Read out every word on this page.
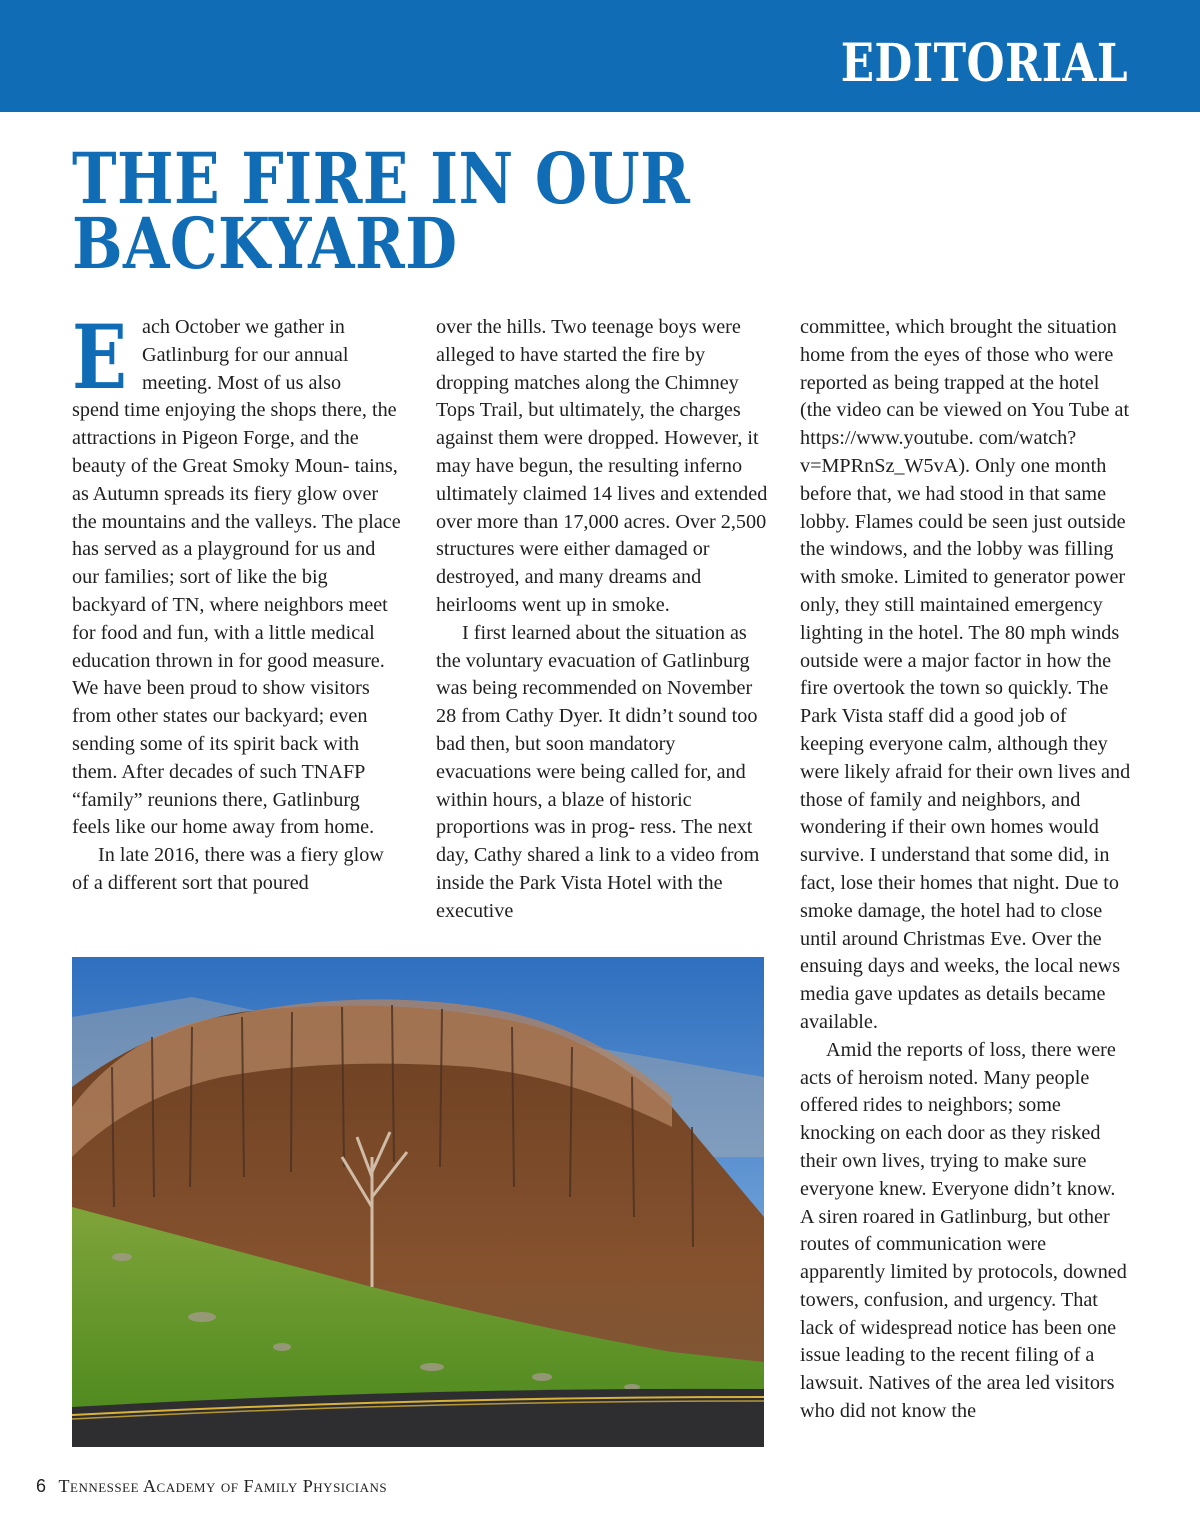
EDITORIAL
THE FIRE IN OUR
BACKYARD

E ach October we gather in
Gatlinburg for our annual
meeting. Most of us also
spend time enjoying the shops there, the attractions in Pigeon Forge, and the beauty of the Great Smoky Moun- tains, as Autumn spreads its fiery glow over the mountains and the valleys. The place has served as a playground for us and our families; sort of like the big backyard of TN, where neighbors meet for food and fun, with a little medical education thrown in for good measure. We have been proud to show visitors from other states our backyard; even sending some of its spirit back with them. After decades of such TNAFP “family” reunions there, Gatlinburg feels like our home away from home.

In late 2016, there was a fiery glow of a different sort that poured

over the hills. Two teenage boys were alleged to have started the fire by dropping matches along the Chimney Tops Trail, but ultimately, the charges against them were dropped. However, it may have begun, the resulting inferno ultimately claimed 14 lives and extended over more than 17,000 acres. Over 2,500 structures were either damaged or destroyed, and many dreams and heirlooms went up in smoke.

I first learned about the situation as the voluntary evacuation of Gatlinburg was being recommended on November 28 from Cathy Dyer. It didn’t sound too bad then, but soon mandatory evacuations were being called for, and within hours, a blaze of historic proportions was in prog- ress. The next day, Cathy shared a link to a video from inside the Park Vista Hotel with the executive

committee, which brought the situation home from the eyes of those who were reported as being trapped at the hotel (the video can be viewed on You Tube at https://www.youtube. com/watch?v=MPRnSz_W5vA). Only one month before that, we had stood in that same lobby. Flames could be seen just outside the windows, and the lobby was filling with smoke. Limited to generator power only, they still maintained emergency lighting in the hotel. The 80 mph winds outside were a major factor in how the fire overtook the town so quickly. The Park Vista staff did a good job of keeping everyone calm, although they were likely afraid for their own lives and those of family and neighbors, and wondering if their own homes would survive. I understand that some did, in fact, lose their homes that night. Due to smoke damage, the hotel had to close until around Christmas Eve. Over the ensuing days and weeks, the local news media gave updates as details became available.

Amid the reports of loss, there were acts of heroism noted. Many people offered rides to neighbors; some knocking on each door as they risked their own lives, trying to make sure everyone knew. Everyone didn’t know. A siren roared in Gatlinburg, but other routes of communication were apparently limited by protocols, downed towers, confusion, and urgency. That lack of widespread notice has been one issue leading to the recent filing of a lawsuit. Natives of the area led visitors who did not know the

6 Tennessee Academy of Family Physicians
